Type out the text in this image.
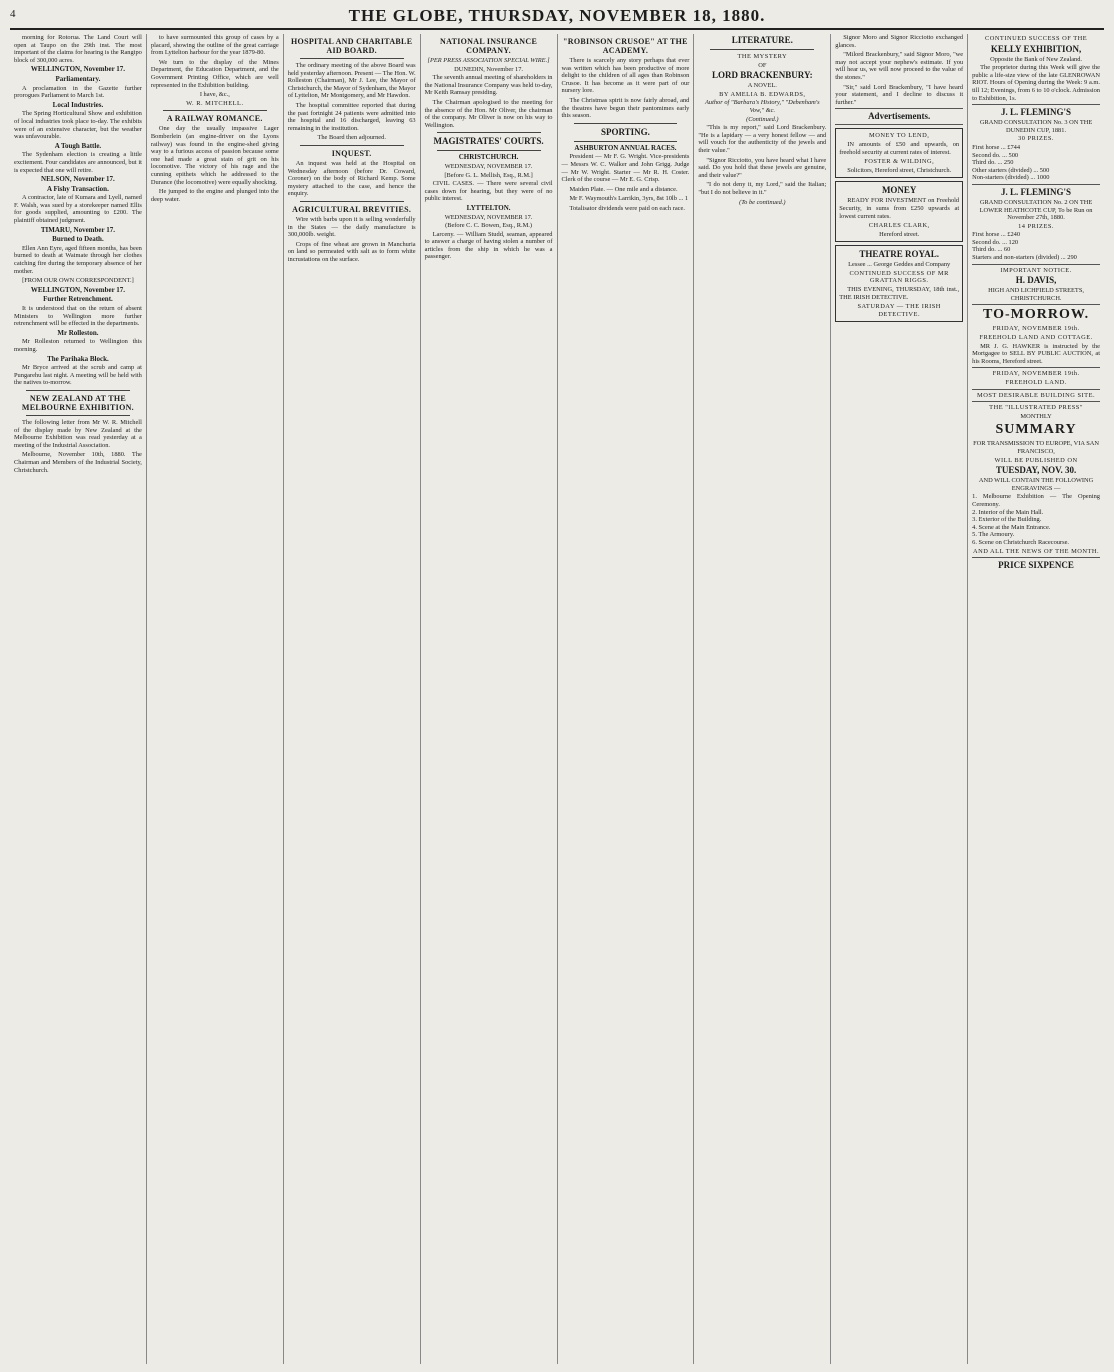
4	THE GLOBE, THURSDAY, NOVEMBER 18, 1880.

morning for Rotorua. The Land Court will open at Taupo on the 29th inst. The most important of the claims for hearing is the Rangipo block of 300,000 acres.

WELLINGTON, November 17.
Parliamentary.

A proclamation in the Gazette further prorogues Parliament to March 1st.

Local Industries.

The Spring Horticultural Show and exhibition of local industries took place to-day. The exhibits were of an extensive character, but the weather was unfavourable.

A Tough Battle.

The Sydenham election is creating a little excitement. Four candidates are announced, but it is expected that one will retire.

NELSON, November 17.
A Fishy Transaction.

A contractor, late of Kumara and Lyell, named F. Walsh, was sued by a storekeeper named Ellis for goods supplied, amounting to £200. The plaintiff obtained judgment.

TIMARU, November 17.
Burned to Death.

Ellen Ann Eyre, aged fifteen months, has been burned to death at Waimate through her clothes catching fire during the temporary absence of her mother.

[FROM OUR OWN CORRESPONDENT.]
WELLINGTON, November 17.
Further Retrenchment.

It is understood that on the return of absent Ministers to Wellington more further retrenchment will be effected in the departments.

Mr Rolleston.

Mr Rolleston returned to Wellington this morning.

The Parihaka Block.

Mr Bryce arrived at the scrub and camp at Pungarehu last night. A meeting will be held with the natives to-morrow.

NEW ZEALAND AT THE MELBOURNE EXHIBITION.

The following letter from Mr W. R. Mitchell of the display made by New Zealand at the Melbourne Exhibition was read yesterday at a meeting of the Industrial Association.

Melbourne, November 10th, 1880. The Chairman and Members of the Industrial Society, Christchurch.

to have surmounted this group of cases by a placard, showing the outline of the great carriage from Lyttelton harbour for the year 1879-80.

We turn to the display of the Mines Department, the Education Department, and the Government Printing Office, which are well represented in the Exhibition building.

I have, &c.,
W. R. MITCHELL.
A RAILWAY ROMANCE.

One day the usually impassive Lager Bomberlein (an engine-driver on the Lyons railway) was found in the engine-shed giving way to a furious access of passion because some one had made a great stain of grit on his locomotive. The victory of his rage and the cunning epithets which he addressed to the Durance (the locomotive) were equally shocking.

He jumped to the engine and plunged into the deep water.

HOSPITAL AND CHARITABLE AID BOARD.

The ordinary meeting of the above Board was held yesterday afternoon. Present — The Hon. W. Rolleston (Chairman), Mr J. Lee, the Mayor of Christchurch, the Mayor of Sydenham, the Mayor of Lyttelton, Mr Montgomery, and Mr Hawdon.

The hospital committee reported that during the past fortnight 24 patients were admitted into the hospital and 16 discharged, leaving 63 remaining in the institution.

The Board then adjourned.
INQUEST.

An inquest was held at the Hospital on Wednesday afternoon (before Dr. Coward, Coroner) on the body of Richard Kemp. Some mystery attached to the case, and hence the enquiry.

AGRICULTURAL BREVITIES.

Wire with barbs upon it is selling wonderfully in the States — the daily manufacture is 300,000lb. weight.

Crops of fine wheat are grown in Manchuria on land so permeated with salt as to form white incrustations on the surface.

NATIONAL INSURANCE COMPANY.
[PER PRESS ASSOCIATION SPECIAL WIRE.]
DUNEDIN, November 17.

The seventh annual meeting of shareholders in the National Insurance Company was held to-day, Mr Keith Ramsay presiding.

The Chairman apologised to the meeting for the absence of the Hon. Mr Oliver, the chairman of the company. Mr Oliver is now on his way to Wellington.

MAGISTRATES' COURTS.
CHRISTCHURCH.
WEDNESDAY, NOVEMBER 17.
[Before G. L. Mellish, Esq., R.M.]

CIVIL CASES. — There were several civil cases down for hearing, but they were of no public interest.

LYTTELTON.
WEDNESDAY, NOVEMBER 17.
(Before C. C. Bowen, Esq., R.M.)

Larceny. — William Studd, seaman, appeared to answer a charge of having stolen a number of articles from the ship in which he was a passenger.

"ROBINSON CRUSOE" AT THE ACADEMY.

There is scarcely any story perhaps that ever was written which has been productive of more delight to the children of all ages than Robinson Crusoe. It has become as it were part of our nursery lore.

The Christmas spirit is now fairly abroad, and the theatres have begun their pantomimes early this season.

SPORTING.
ASHBURTON ANNUAL RACES.

President — Mr F. G. Wright. Vice-presidents — Messrs W. C. Walker and John Grigg. Judge — Mr W. Wright. Starter — Mr R. H. Coster. Clerk of the course — Mr E. G. Crisp.

Maiden Plate. — One mile and a distance.

Mr F. Waymouth's Larrikin, 3yrs, 8st 10lb ... 1

Totalisator dividends were paid on each race.

LITERATURE.
THE MYSTERY
OF
LORD BRACKENBURY:
A NOVEL.
BY AMELIA B. EDWARDS,
Author of "Barbara's History," "Debenham's Vow," &c.
(Continued.)

"This is my report," said Lord Brackenbury. "He is a lapidary — a very honest fellow — and will vouch for the authenticity of the jewels and their value."

"Signor Ricciotto, you have heard what I have said. Do you hold that these jewels are genuine, and their value?"

"I do not deny it, my Lord," said the Italian; "but I do not believe in it."

(To be continued.)

Signor Moro and Signor Ricciotto exchanged glances.

"Milord Brackenbury," said Signor Moro, "we may not accept your nephew's estimate. If you will hear us, we will now proceed to the value of the stones."

"Sir," said Lord Brackenbury, "I have heard your statement, and I decline to discuss it further."

Advertisements.
MONEY TO LEND,

IN amounts of £50 and upwards, on freehold security at current rates of interest.

FOSTER & WILDING,
Solicitors, Hereford street, Christchurch.
MONEY

READY FOR INVESTMENT on Freehold Security, in sums from £250 upwards at lowest current rates.

CHARLES CLARK,
Hereford street.
THEATRE ROYAL.
Lessee ... George Geddes and Company
CONTINUED SUCCESS OF MR GRATTAN RIGGS.

THIS EVENING, THURSDAY, 18th inst., THE IRISH DETECTIVE.

SATURDAY — THE IRISH DETECTIVE.
CONTINUED SUCCESS OF THE
KELLY EXHIBITION,
Opposite the Bank of New Zealand.

The proprietor during this Week will give the public a life-size view of the late GLENROWAN RIOT. Hours of Opening during the Week: 9 a.m. till 12; Evenings, from 6 to 10 o'clock. Admission to Exhibition, 1s.

J. L. FLEMING'S
GRAND CONSULTATION No. 3 ON THE DUNEDIN CUP, 1881.
30 PRIZES.
First horse ... £744
Second do. ... 500
Third do. ... 250
Other starters (divided) ... 500
Non-starters (divided) ... 1000
J. L. FLEMING'S
GRAND CONSULTATION No. 2 ON THE LOWER HEATHCOTE CUP, To be Run on November 27th, 1880.
14 PRIZES.
First horse ... £240
Second do. ... 120
Third do. ... 60
Starters and non-starters (divided) ... 290
IMPORTANT NOTICE.
H. DAVIS,
HIGH AND LICHFIELD STREETS, CHRISTCHURCH.
TO-MORROW.
FRIDAY, NOVEMBER 19th.
FREEHOLD LAND AND COTTAGE.

MR J. G. HAWKER is instructed by the Mortgagee to SELL BY PUBLIC AUCTION, at his Rooms, Hereford street.

FRIDAY, NOVEMBER 19th.
FREEHOLD LAND.
MOST DESIRABLE BUILDING SITE.
THE "ILLUSTRATED PRESS"
MONTHLY
SUMMARY
FOR TRANSMISSION TO EUROPE, VIA SAN FRANCISCO,
WILL BE PUBLISHED ON
TUESDAY, NOV. 30.
AND WILL CONTAIN THE FOLLOWING ENGRAVINGS —
1. Melbourne Exhibition — The Opening Ceremony.
2. Interior of the Main Hall.
3. Exterior of the Building.
4. Scene at the Main Entrance.
5. The Armoury.
6. Scene on Christchurch Racecourse.
AND ALL THE NEWS OF THE MONTH.
PRICE SIXPENCE
